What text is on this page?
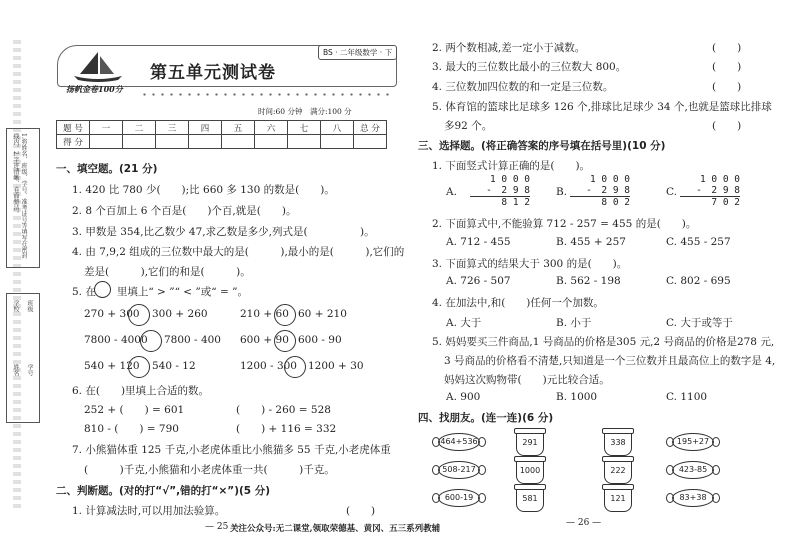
1.将姓名、班级、学号、准考证号等填写在密封线内。2.字迹清晰、卷面整洁。
学校 班级
姓名 学号
扬帆金卷100分
第五单元测试卷
BS · 二年级数学 · 下
时间:60 分钟　满分:100 分
题 号	一	二	三	四	五	六	七	八	总 分
得 分									
一、填空题。(21 分)
1. 420 比 780 少(　　);比 660 多 130 的数是(　　)。
2. 8 个百加上 6 个百是(　　)个百,就是(　　)。
3. 甲数是 354,比乙数少 47,求乙数是多少,列式是(　　　　　)。
4. 由 7,9,2 组成的三位数中最大的是(　　　),最小的是(　　　),它们的
差是(　　　),它们的和是(　　　)。
5. 在　　里填上“ > ”“ < ”或“ = ”。
270 + 300 300 + 260	210 + 60 60 + 210
7800 - 4000 7800 - 400 600 + 90 600 - 90
540 + 120 540 - 12	1200 - 300 1200 + 30
6. 在(　　)里填上合适的数。
252 + (　　) = 601	(　　) - 260 = 528
810 - (　　) = 790	(　　) + 116 = 332
7. 小熊猫体重 125 千克,小老虎体重比小熊猫多 55 千克,小老虎体重
(　　　)千克,小熊猫和小老虎体重一共(　　　)千克。
二、判断题。(对的打“√”,错的打“×”)(5 分)
1. 计算减法时,可以用加法验算。　　　　　　　　　　　　(　　)
— 25 —
2. 两个数相减,差一定小于减数。	(　　)
3. 最大的三位数比最小的三位数大 800。	(　　)
4. 三位数加四位数的和一定是三位数。	(　　)
5. 体育馆的篮球比足球多 126 个,排球比足球少 34 个,也就是篮球比排球
多92 个。	(　　)
三、选择题。(将正确答案的序号填在括号里)(10 分)
1. 下面竖式计算正确的是(　　)。
A.
1 0 0 0
-　2 9 8
8 1 2
B.
1 0 0 0
-　2 9 8
8 0 2
C.
1 0 0 0
-　2 9 8
7 0 2
2. 下面算式中,不能验算 712 - 257 = 455 的是(　　)。
A. 712 - 455	B. 455 + 257	C. 455 - 257
3. 下面算式的结果大于 300 的是(　　)。
A. 726 - 507	B. 562 - 198	C. 802 - 695
4. 在加法中,和(　　)任何一个加数。
A. 大于	B. 小于	C. 大于或等于
5. 妈妈要买三件商品,1 号商品的价格是305 元,2 号商品的价格是278 元,
3 号商品的价格看不清楚,只知道是一个三位数并且最高位上的数字是 4,
妈妈这次购物带(　　)元比较合适。
A. 900	B. 1000	C. 1100
四、找朋友。(连一连)(6 分)
464+536
508-217
600-19
291
1000
581
338
222
121
195+27
423-85
83+38
— 26 —
关注公众号:无二课堂,领取荣德基、黄冈、五三系列教辅
